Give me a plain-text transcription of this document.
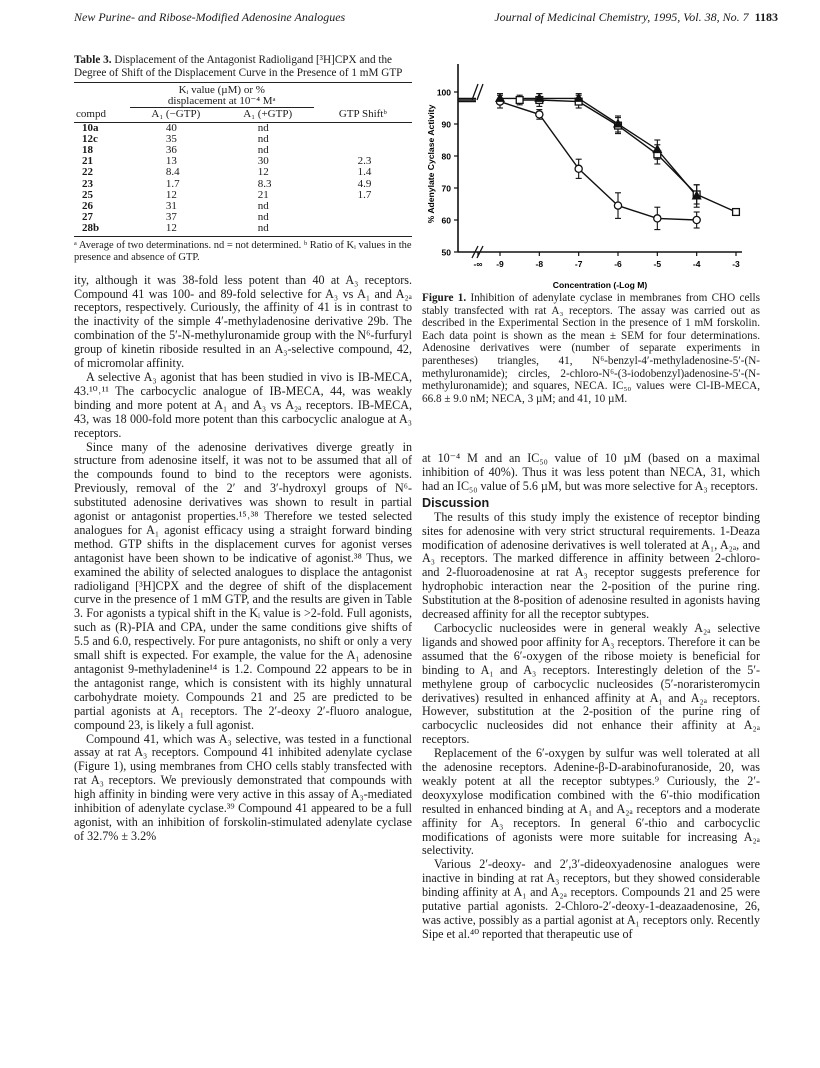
New Purine- and Ribose-Modified Adenosine Analogues	Journal of Medicinal Chemistry, 1995, Vol. 38, No. 7 1183
Table 3. Displacement of the Antagonist Radioligand [³H]CPX and the Degree of Shift of the Displacement Curve in the Presence of 1 mM GTP

	Kᵢ value (µM) or %		
	displacement at 10⁻⁴ Mᵃ		
compd	A₁ (−GTP)	A₁ (+GTP)	GTP Shiftᵇ
10a	40	nd	
12c	35	nd	
18	36	nd	
21	13	30	2.3
22	8.4	12	1.4
23	1.7	8.3	4.9
25	12	21	1.7
26	31	nd	
27	37	nd	
28b	12	nd	
ᵃ Average of two determinations. nd = not determined. ᵇ Ratio of Kᵢ values in the presence and absence of GTP.

ity, although it was 38-fold less potent than 40 at A₃ receptors. Compound 41 was 100- and 89-fold selective for A₃ vs A₁ and A₂ₐ receptors, respectively. Curiously, the affinity of 41 is in contrast to the inactivity of the simple 4′-methyladenosine derivative 29b. The combination of the 5′-N-methyluronamide group with the N⁶-furfuryl group of kinetin riboside resulted in an A₃-selective compound, 42, of micromolar affinity.

A selective A₃ agonist that has been studied in vivo is IB-MECA, 43.¹⁰˒¹¹ The carbocyclic analogue of IB-MECA, 44, was weakly binding and more potent at A₁ and A₃ vs A₂ₐ receptors. IB-MECA, 43, was 18 000-fold more potent than this carbocyclic analogue at A₃ receptors.

Since many of the adenosine derivatives diverge greatly in structure from adenosine itself, it was not to be assumed that all of the compounds found to bind to the receptors were agonists. Previously, removal of the 2′ and 3′-hydroxyl groups of N⁶-substituted adenosine derivatives was shown to result in partial agonist or antagonist properties.¹⁵˒³⁸ Therefore we tested selected analogues for A₁ agonist efficacy using a straight forward binding method. GTP shifts in the displacement curves for agonist verses antagonist have been shown to be indicative of agonist.³⁸ Thus, we examined the ability of selected analogues to displace the antagonist radioligand [³H]CPX and the degree of shift of the displacement curve in the presence of 1 mM GTP, and the results are given in Table 3. For agonists a typical shift in the Kᵢ value is >2-fold. Full agonists, such as (R)-PIA and CPA, under the same conditions give shifts of 5.5 and 6.0, respectively. For pure antagonists, no shift or only a very small shift is expected. For example, the value for the A₁ adenosine antagonist 9-methyladenine¹⁴ is 1.2. Compound 22 appears to be in the antagonist range, which is consistent with its highly unnatural carbohydrate moiety. Compounds 21 and 25 are predicted to be partial agonists at A₁ receptors. The 2′-deoxy 2′-fluoro analogue, compound 23, is likely a full agonist.

Compound 41, which was A₃ selective, was tested in a functional assay at rat A₃ receptors. Compound 41 inhibited adenylate cyclase (Figure 1), using membranes from CHO cells stably transfected with rat A₃ receptors. We previously demonstrated that compounds with high affinity in binding were very active in this assay of A₃-mediated inhibition of adenylate cyclase.³⁹ Compound 41 appeared to be a full agonist, with an inhibition of forskolin-stimulated adenylate cyclase of 32.7% ± 3.2%

50
60
70
80
90
100
-∞ -9	-8	-7	-6	-5	-4	-3
Concentration (-Log M)
% Adenylate Cyclase Activity
Figure 1. Inhibition of adenylate cyclase in membranes from CHO cells stably transfected with rat A₃ receptors. The assay was carried out as described in the Experimental Section in the presence of 1 mM forskolin. Each data point is shown as the mean ± SEM for four determinations. Adenosine derivatives were (number of separate experiments in parentheses) triangles, 41, N⁶-benzyl-4′-methyladenosine-5′-(N-methyluronamide); circles, 2-chloro-N⁶-(3-iodobenzyl)adenosine-5′-(N-methyluronamide); and squares, NECA. IC₅₀ values were Cl-IB-MECA, 66.8 ± 9.0 nM; NECA, 3 µM; and 41, 10 µM.

at 10⁻⁴ M and an IC₅₀ value of 10 µM (based on a maximal inhibition of 40%). Thus it was less potent than NECA, 31, which had an IC₅₀ value of 5.6 µM, but was more selective for A₃ receptors.

Discussion

The results of this study imply the existence of receptor binding sites for adenosine with very strict structural requirements. 1-Deaza modification of adenosine derivatives is well tolerated at A₁, A₂ₐ, and A₃ receptors. The marked difference in affinity between 2-chloro- and 2-fluoroadenosine at rat A₃ receptor suggests preference for hydrophobic interaction near the 2-position of the purine ring. Substitution at the 8-position of adenosine resulted in agonists having decreased affinity for all the receptor subtypes.

Carbocyclic nucleosides were in general weakly A₂ₐ selective ligands and showed poor affinity for A₃ receptors. Therefore it can be assumed that the 6′-oxygen of the ribose moiety is beneficial for binding to A₁ and A₃ receptors. Interestingly deletion of the 5′-methylene group of carbocyclic nucleosides (5′-noraristeromycin derivatives) resulted in enhanced affinity at A₁ and A₂ₐ receptors. However, substitution at the 2-position of the purine ring of carbocyclic nucleosides did not enhance their affinity at A₂ₐ receptors.

Replacement of the 6′-oxygen by sulfur was well tolerated at all the adenosine receptors. Adenine-β-D-arabinofuranoside, 20, was weakly potent at all the receptor subtypes.⁹ Curiously, the 2′-deoxyxylose modification combined with the 6′-thio modification resulted in enhanced binding at A₁ and A₂ₐ receptors and a moderate affinity for A₃ receptors. In general 6′-thio and carbocyclic modifications of agonists were more suitable for increasing A₂ₐ selectivity.

Various 2′-deoxy- and 2′,3′-dideoxyadenosine analogues were inactive in binding at rat A₃ receptors, but they showed considerable binding affinity at A₁ and A₂ₐ receptors. Compounds 21 and 25 were putative partial agonists. 2-Chloro-2′-deoxy-1-deazaadenosine, 26, was active, possibly as a partial agonist at A₁ receptors only. Recently Sipe et al.⁴⁰ reported that therapeutic use of
